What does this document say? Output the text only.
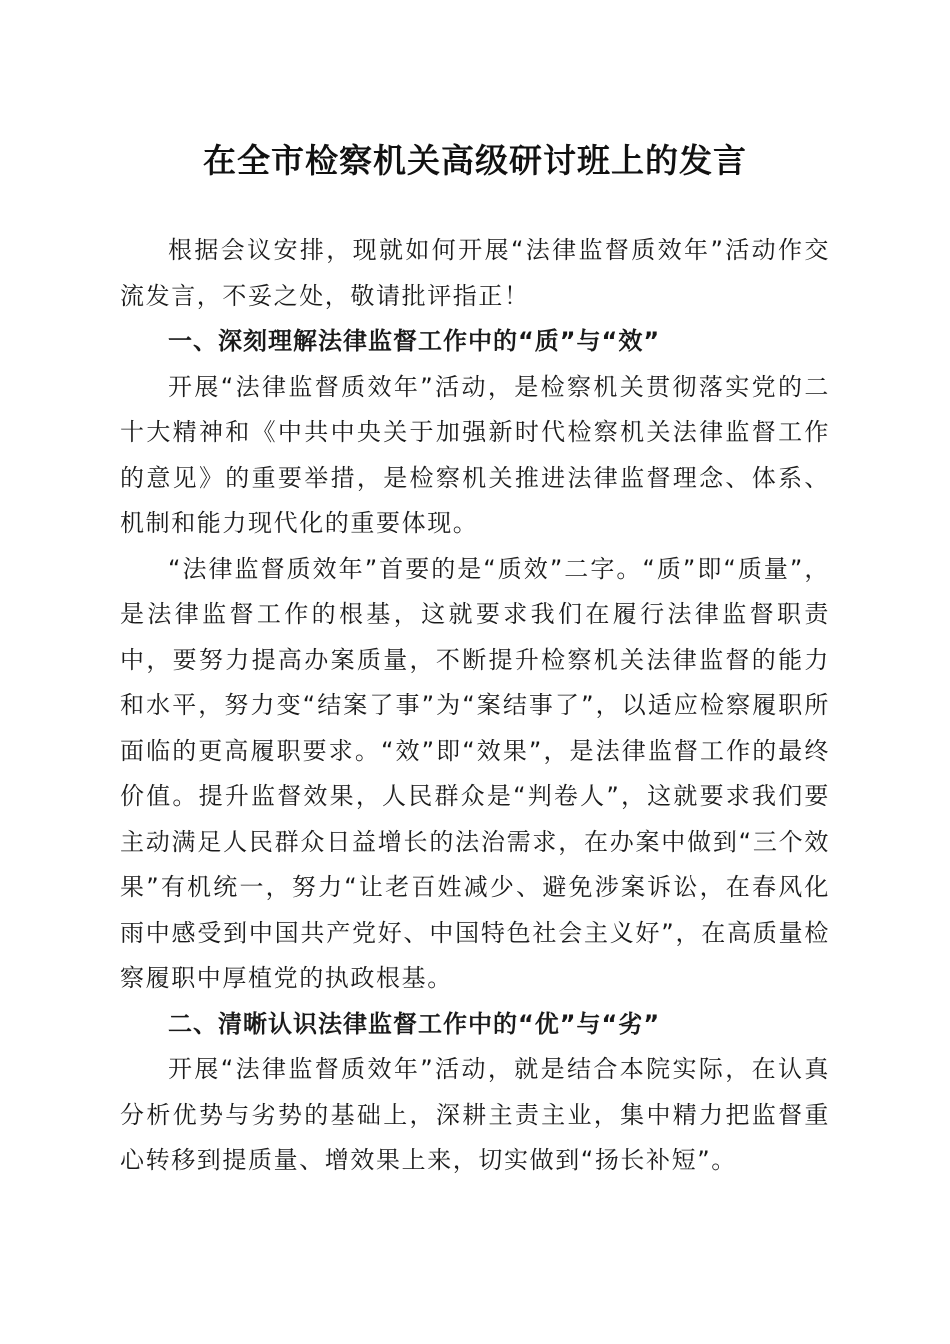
在全市检察机关高级研讨班上的发言

根据会议安排，现就如何开展“法律监督质效年”活动作交流发言，不妥之处，敬请批评指正！

一、深刻理解法律监督工作中的“质”与“效”

开展“法律监督质效年”活动，是检察机关贯彻落实党的二十大精神和《中共中央关于加强新时代检察机关法律监督工作的意见》的重要举措，是检察机关推进法律监督理念、体系、机制和能力现代化的重要体现。

“法律监督质效年”首要的是“质效”二字。“质”即“质量”，是法律监督工作的根基，这就要求我们在履行法律监督职责中，要努力提高办案质量，不断提升检察机关法律监督的能力和水平，努力变“结案了事”为“案结事了”，以适应检察履职所面临的更高履职要求。“效”即“效果”，是法律监督工作的最终价值。提升监督效果，人民群众是“判卷人”，这就要求我们要主动满足人民群众日益增长的法治需求，在办案中做到“三个效果”有机统一，努力“让老百姓减少、避免涉案诉讼，在春风化雨中感受到中国共产党好、中国特色社会主义好”，在高质量检察履职中厚植党的执政根基。

二、清晰认识法律监督工作中的“优”与“劣”

开展“法律监督质效年”活动，就是结合本院实际，在认真分析优势与劣势的基础上，深耕主责主业，集中精力把监督重心转移到提质量、增效果上来，切实做到“扬长补短”。
